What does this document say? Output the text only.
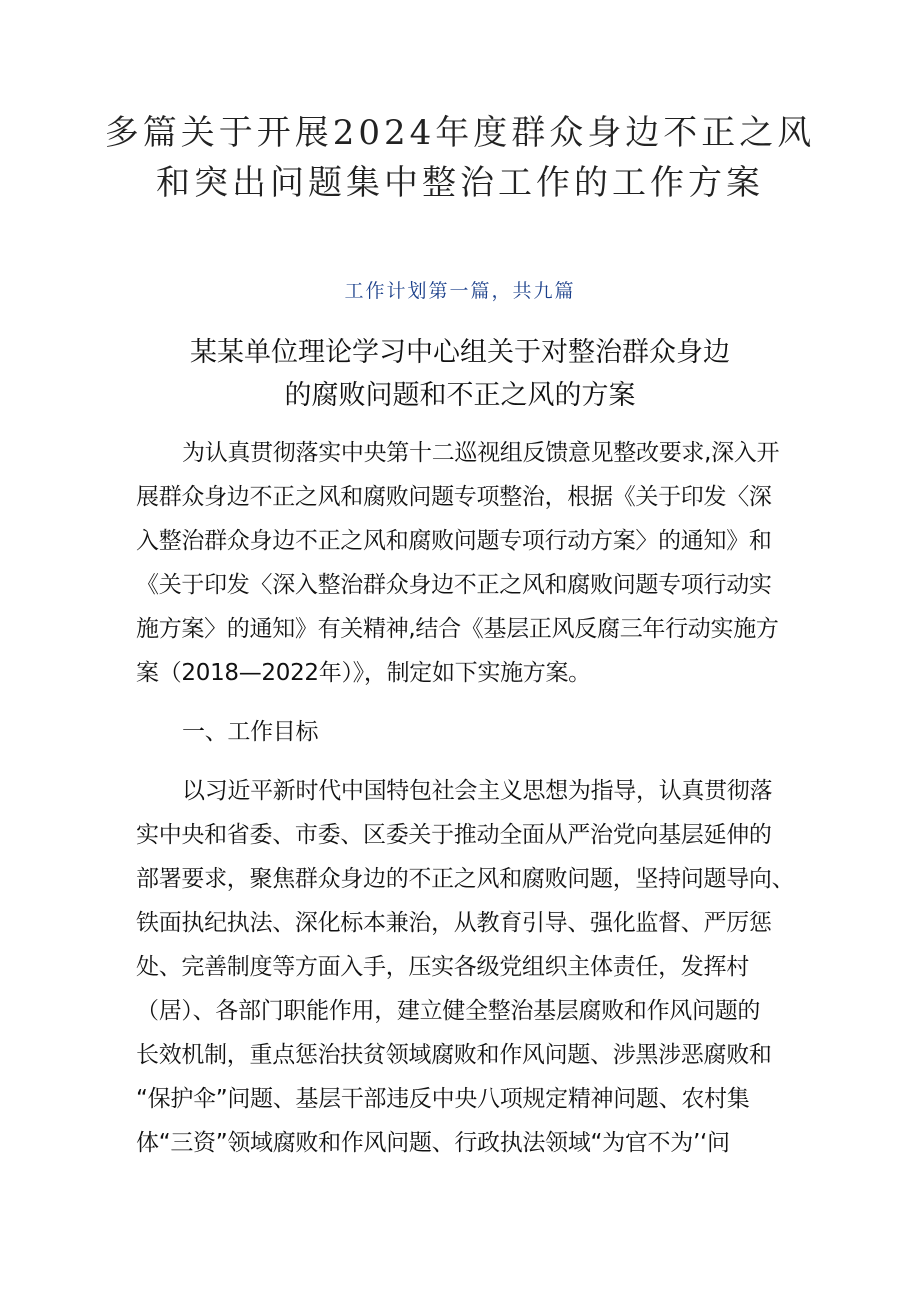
多篇关于开展2024年度群众身边不正之风
和突出问题集中整治工作的工作方案
工作计划第一篇，共九篇
某某单位理论学习中心组关于对整治群众身边
的腐败问题和不正之风的方案
为认真贯彻落实中央第十二巡视组反馈意见整改要求,深入开
展群众身边不正之风和腐败问题专项整治，根据《关于印发〈深
入整治群众身边不正之风和腐败问题专项行动方案〉的通知》和
《关于印发〈深入整治群众身边不正之风和腐败问题专项行动实
施方案〉的通知》有关精神,结合《基层正风反腐三年行动实施方
案（2018—2022年）》，制定如下实施方案。
一、工作目标
以习近平新时代中国特包社会主义思想为指导，认真贯彻落
实中央和省委、市委、区委关于推动全面从严治党向基层延伸的
部署要求，聚焦群众身边的不正之风和腐败问题，坚持问题导向、
铁面执纪执法、深化标本兼治，从教育引导、强化监督、严厉惩
处、完善制度等方面入手，压实各级党组织主体责任，发挥村
（居）、各部门职能作用，建立健全整治基层腐败和作风问题的
长效机制，重点惩治扶贫领域腐败和作风问题、涉黑涉恶腐败和
“保护伞”问题、基层干部违反中央八项规定精神问题、农村集
体“三资”领域腐败和作风问题、行政执法领域“为官不为’‘问
